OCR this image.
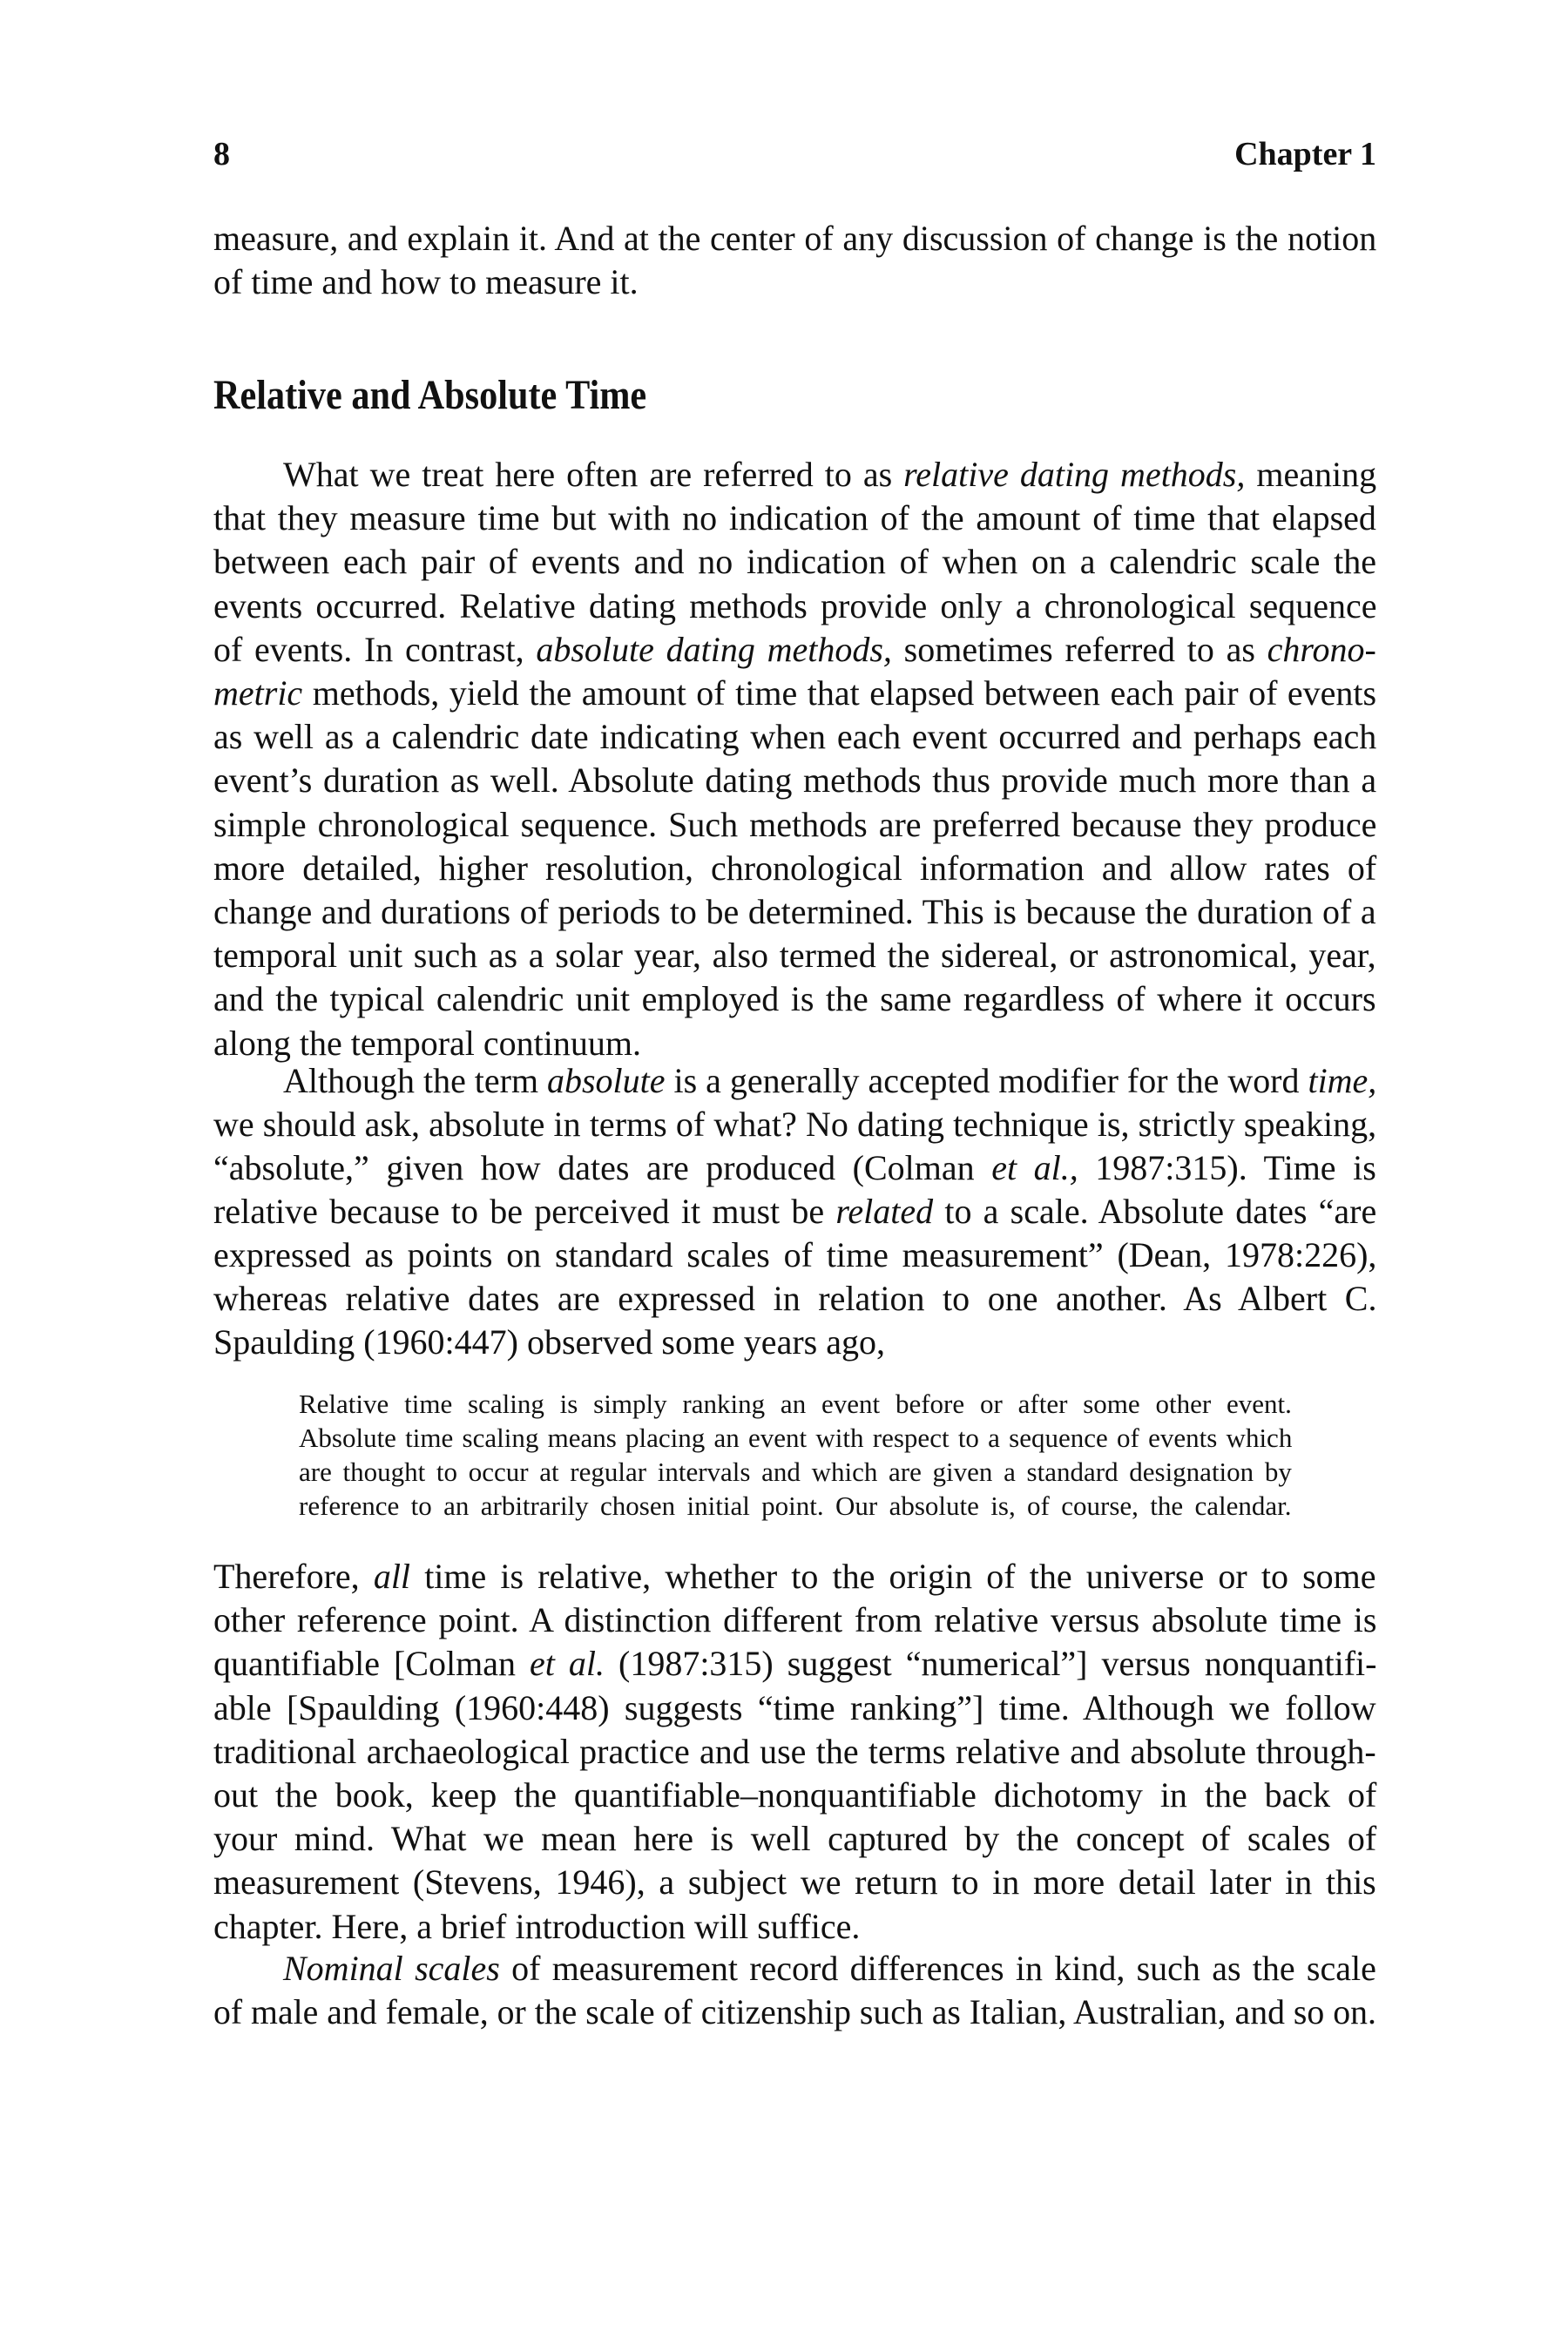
8	Chapter 1
Relative and Absolute Time
measure, and explain it. And at the center of any discussion of change is the notion
of time and how to measure it.
What we treat here often are referred to as relative dating methods, meaning
that they measure time but with no indication of the amount of time that elapsed
between each pair of events and no indication of when on a calendric scale the
events occurred. Relative dating methods provide only a chronological sequence
of events. In contrast, absolute dating methods, sometimes referred to as chrono-
metric methods, yield the amount of time that elapsed between each pair of events
as well as a calendric date indicating when each event occurred and perhaps each
event’s duration as well. Absolute dating methods thus provide much more than a
simple chronological sequence. Such methods are preferred because they produce
more detailed, higher resolution, chronological information and allow rates of
change and durations of periods to be determined. This is because the duration of a
temporal unit such as a solar year, also termed the sidereal, or astronomical, year,
and the typical calendric unit employed is the same regardless of where it occurs
along the temporal continuum.
Although the term absolute is a generally accepted modifier for the word time,
we should ask, absolute in terms of what? No dating technique is, strictly speaking,
“absolute,” given how dates are produced (Colman et al., 1987:315). Time is
relative because to be perceived it must be related to a scale. Absolute dates “are
expressed as points on standard scales of time measurement” (Dean, 1978:226),
whereas relative dates are expressed in relation to one another. As Albert C.
Spaulding (1960:447) observed some years ago,
Relative time scaling is simply ranking an event before or after some other event.
Absolute time scaling means placing an event with respect to a sequence of events which
are thought to occur at regular intervals and which are given a standard designation by
reference to an arbitrarily chosen initial point. Our absolute is, of course, the calendar.
Therefore, all time is relative, whether to the origin of the universe or to some
other reference point. A distinction different from relative versus absolute time is
quantifiable [Colman et al. (1987:315) suggest “numerical”] versus nonquantifi-
able [Spaulding (1960:448) suggests “time ranking”] time. Although we follow
traditional archaeological practice and use the terms relative and absolute through-
out the book, keep the quantifiable–nonquantifiable dichotomy in the back of
your mind. What we mean here is well captured by the concept of scales of
measurement (Stevens, 1946), a subject we return to in more detail later in this
chapter. Here, a brief introduction will suffice.
Nominal scales of measurement record differences in kind, such as the scale
of male and female, or the scale of citizenship such as Italian, Australian, and so on.
